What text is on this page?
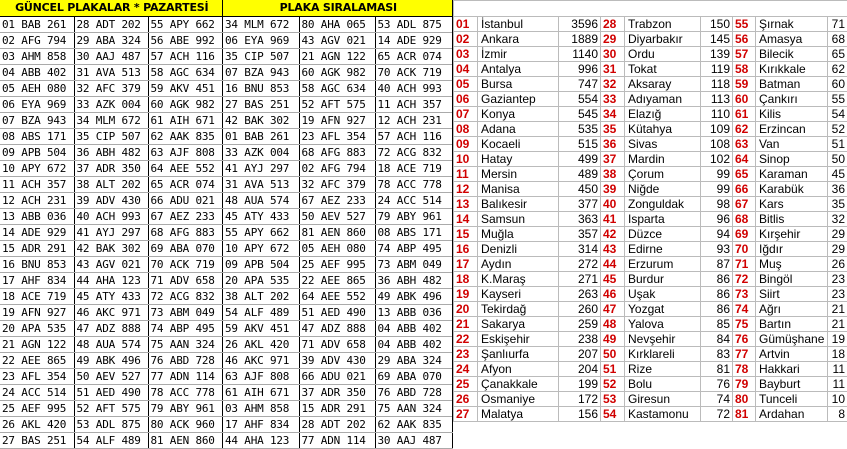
GÜNCEL PLAKALAR * PAZARTESİ		
01 BAB 261	28 ADT 202	55 APY 662
02 AFG 794	29 ABA 324	56 ABE 992
03 AHM 858	30 AAJ 487	57 ACH 116
04 ABB 402	31 AVA 513	58 AGC 634
05 AEH 080	32 AFC 379	59 AKV 451
06 EYA 969	33 AZK 004	60 AGK 982
07 BZA 943	34 MLM 672	61 AIH 671
08 ABS 171	35 CIP 507	62 AAK 835
09 APB 504	36 ABH 482	63 AJF 808
10 APY 672	37 ADR 350	64 AEE 552
11 ACH 357	38 ALT 202	65 ACR 074
12 ACH 231	39 ADV 430	66 ADU 021
13 ABB 036	40 ACH 993	67 AEZ 233
14 ADE 929	41 AYJ 297	68 AFG 883
15 ADR 291	42 BAK 302	69 ABA 070
16 BNU 853	43 AGV 021	70 ACK 719
17 AHF 834	44 AHA 123	71 ADV 658
18 ACE 719	45 ATY 433	72 ACG 832
19 AFN 927	46 AKC 971	73 ABM 049
20 APA 535	47 ADZ 888	74 ABP 495
21 AGN 122	48 AUA 574	75 AAN 324
22 AEE 865	49 ABK 496	76 ABD 728
23 AFL 354	50 AEV 527	77 ADN 114
24 ACC 514	51 AED 490	78 ACC 778
25 AEF 995	52 AFT 575	79 ABY 961
26 AKL 420	53 ADL 875	80 ACK 960
27 BAS 251	54 ALF 489	81 AEN 860
PLAKA SIRALAMASI		
34 MLM 672	80 AHA 065	53 ADL 875
06 EYA 969	43 AGV 021	14 ADE 929
35 CIP 507	21 AGN 122	65 ACR 074
07 BZA 943	60 AGK 982	70 ACK 719
16 BNU 853	58 AGC 634	40 ACH 993
27 BAS 251	52 AFT 575	11 ACH 357
42 BAK 302	19 AFN 927	12 ACH 231
01 BAB 261	23 AFL 354	57 ACH 116
33 AZK 004	68 AFG 883	72 ACG 832
41 AYJ 297	02 AFG 794	18 ACE 719
31 AVA 513	32 AFC 379	78 ACC 778
48 AUA 574	67 AEZ 233	24 ACC 514
45 ATY 433	50 AEV 527	79 ABY 961
55 APY 662	81 AEN 860	08 ABS 171
10 APY 672	05 AEH 080	74 ABP 495
09 APB 504	25 AEF 995	73 ABM 049
20 APA 535	22 AEE 865	36 ABH 482
38 ALT 202	64 AEE 552	49 ABK 496
54 ALF 489	51 AED 490	13 ABB 036
59 AKV 451	47 ADZ 888	04 ABB 402
26 AKL 420	71 ADV 658	04 ABB 402
46 AKC 971	39 ADV 430	29 ABA 324
63 AJF 808	66 ADU 021	69 ABA 070
61 AIH 671	37 ADR 350	76 ABD 728
03 AHM 858	15 ADR 291	75 AAN 324
17 AHF 834	28 ADT 202	62 AAK 835
44 AHA 123	77 ADN 114	30 AAJ 487

01	İstanbul	3596	28	Trabzon	150	55	Şırnak	71
02	Ankara	1889	29	Diyarbakır	145	56	Amasya	68
03	İzmir	1140	30	Ordu	139	57	Bilecik	65
04	Antalya	996	31	Tokat	119	58	Kırıkkale	62
05	Bursa	747	32	Aksaray	118	59	Batman	60
06	Gaziantep	554	33	Adıyaman	113	60	Çankırı	55
07	Konya	545	34	Elazığ	110	61	Kilis	54
08	Adana	535	35	Kütahya	109	62	Erzincan	52
09	Kocaeli	515	36	Sivas	108	63	Van	51
10	Hatay	499	37	Mardin	102	64	Sinop	50
11	Mersin	489	38	Çorum	99	65	Karaman	45
12	Manisa	450	39	Niğde	99	66	Karabük	36
13	Balıkesir	377	40	Zonguldak	98	67	Kars	35
14	Samsun	363	41	Isparta	96	68	Bitlis	32
15	Muğla	357	42	Düzce	94	69	Kırşehir	29
16	Denizli	314	43	Edirne	93	70	Iğdır	29
17	Aydın	272	44	Erzurum	87	71	Muş	26
18	K.Maraş	271	45	Burdur	86	72	Bingöl	23
19	Kayseri	263	46	Uşak	86	73	Siirt	23
20	Tekirdağ	260	47	Yozgat	86	74	Ağrı	21
21	Sakarya	259	48	Yalova	85	75	Bartın	21
22	Eskişehir	238	49	Nevşehir	84	76	Gümüşhane	19
23	Şanlıurfa	207	50	Kırklareli	83	77	Artvin	18
24	Afyon	204	51	Rize	81	78	Hakkari	11
25	Çanakkale	199	52	Bolu	76	79	Bayburt	11
26	Osmaniye	172	53	Giresun	74	80	Tunceli	10
27	Malatya	156	54	Kastamonu	72	81	Ardahan	8
